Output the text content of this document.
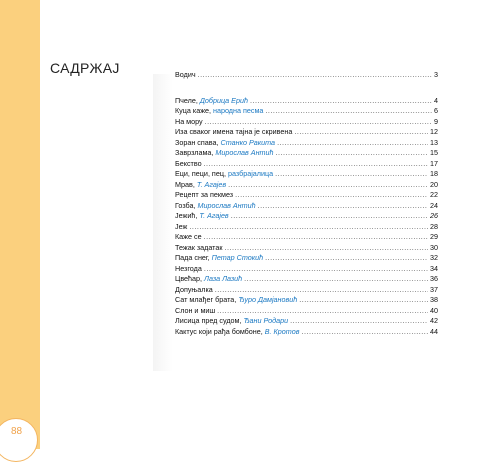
88
САДРЖАЈ	Водич .....	3
Пчеле, Добрица Ерић .....	4
Куца каже, народна песма .....	6
На мору .....	9
Иза сваког имена тајна је скривена .....	12
Зоран спава, Станко Ракита .....	13
Заврзлама, Мирослав Антић .....	15
Бекство .....	17
Еци, пеци, пец, разбрајалица .....	18
Мрав, Т. Агајев .....	20
Рецепт за пекмез .....	22
Гозба, Мирослав Антић .....	24
Јежић, Т. Агајев .....	26
Јеж .....	28
Каже се .....	29
Тежак задатак .....	30
Пада снег, Петар Стокић .....	32
Незгода .....	34
Цвећар, Лаза Лазић .....	36
Допуњалка .....	37
Сат млађег брата, Ђуро Дамјановић .....	38
Слон и миш .....	40
Лисица пред судом, Ђани Родари .....	42
Кактус који рађа бомбоне, В. Кротов .....	44
